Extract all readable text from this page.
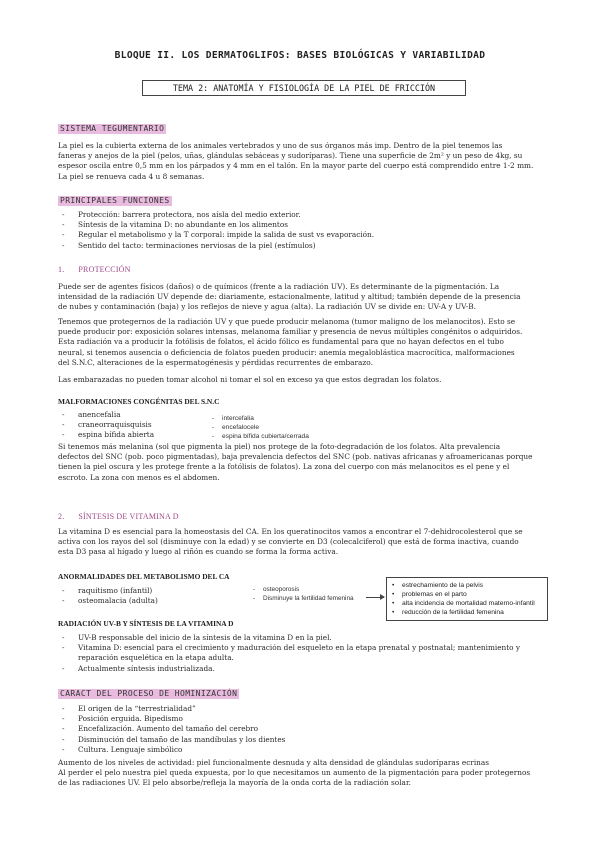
BLOQUE II. LOS DERMATOGLIFOS: BASES BIOLÓGICAS Y VARIABILIDAD
TEMA 2: ANATOMÍA Y FISIOLOGÍA DE LA PIEL DE FRICCIÓN
SISTEMA TEGUMENTARIO
La piel es la cubierta externa de los animales vertebrados y uno de sus órganos más imp. Dentro de la piel tenemos las
faneras y anejos de la piel (pelos, uñas, glándulas sebáceas y sudoríparas). Tiene una superficie de 2m² y un peso de 4kg, su
espesor oscila entre 0,5 mm en los párpados y 4 mm en el talón. En la mayor parte del cuerpo está comprendido entre 1-2 mm.
La piel se renueva cada 4 u 8 semanas.
PRINCIPALES FUNCIONES
- Protección: barrera protectora, nos aísla del medio exterior.
- Síntesis de la vitamina D: no abundante en los alimentos
- Regular el metabolismo y la T corporal: impide la salida de sust vs evaporación.
- Sentido del tacto: terminaciones nerviosas de la piel (estímulos)
1. PROTECCIÓN
Puede ser de agentes físicos (daños) o de químicos (frente a la radiación UV). Es determinante de la pigmentación. La
intensidad de la radiación UV depende de: diariamente, estacionalmente, latitud y altitud; también depende de la presencia
de nubes y contaminación (baja) y los reflejos de nieve y agua (alta). La radiación UV se divide en: UV-A y UV-B.
Tenemos que protegernos de la radiación UV y que puede producir melanoma (tumor maligno de los melanocitos). Esto se
puede producir por: exposición solares intensas, melanoma familiar y presencia de nevus múltiples congénitos o adquiridos.
Esta radiación va a producir la fotólisis de folatos, el ácido fólico es fundamental para que no hayan defectos en el tubo
neural, si tenemos ausencia o deficiencia de folatos pueden producir: anemia megaloblástica macrocítica, malformaciones
del S.N.C, alteraciones de la espermatogénesis y pérdidas recurrentes de embarazo.
Las embarazadas no pueden tomar alcohol ni tomar el sol en exceso ya que estos degradan los folatos.
MALFORMACIONES CONGÉNITAS DEL S.N.C
- anencefalia
- craneorraquisquisis
- espina bífida abierta
- intercefalia
- encefalocele
- espina bífida cubierta/cerrada
Si tenemos más melanina (sol que pigmenta la piel) nos protege de la foto-degradación de los folatos. Alta prevalencia
defectos del SNC (pob. poco pigmentadas), baja prevalencia defectos del SNC (pob. nativas africanas y afroamericanas porque
tienen la piel oscura y les protege frente a la fotólisis de folatos). La zona del cuerpo con más melanocitos es el pene y el
escroto. La zona con menos es el abdomen.
2. SÍNTESIS DE VITAMINA D
La vitamina D es esencial para la homeostasis del CA. En los queratinocitos vamos a encontrar el 7-dehidrocolesterol que se
activa con los rayos del sol (disminuye con la edad) y se convierte en D3 (colecalciferol) que está de forma inactiva, cuando
esta D3 pasa al hígado y luego al riñón es cuando se forma la forma activa.
ANORMALIDADES DEL METABOLISMO DEL CA
- raquitismo (infantil)
- osteomalacia (adulta)
- osteoporosis
- Disminuye la fertilidad femenina
• estrechamiento de la pelvis
• problemas en el parto
• alta incidencia de mortalidad materno-infantil
• reducción de la fertilidad femenina
RADIACIÓN UV-B Y SÍNTESIS DE LA VITAMINA D
- UV-B responsable del inicio de la síntesis de la vitamina D en la piel.
- Vitamina D: esencial para el crecimiento y maduración del esqueleto en la etapa prenatal y postnatal; mantenimiento y
reparación esquelética en la etapa adulta.
- Actualmente síntesis industrializada.
CARACT DEL PROCESO DE HOMINIZACIÓN
- El origen de la “terrestrialidad”
- Posición erguida. Bipedismo
- Encefalización. Aumento del tamaño del cerebro
- Disminución del tamaño de las mandíbulas y los dientes
- Cultura. Lenguaje simbólico
Aumento de los niveles de actividad: piel funcionalmente desnuda y alta densidad de glándulas sudoríparas ecrinas
Al perder el pelo nuestra piel queda expuesta, por lo que necesitamos un aumento de la pigmentación para poder protegernos
de las radiaciones UV. El pelo absorbe/refleja la mayoría de la onda corta de la radiación solar.
